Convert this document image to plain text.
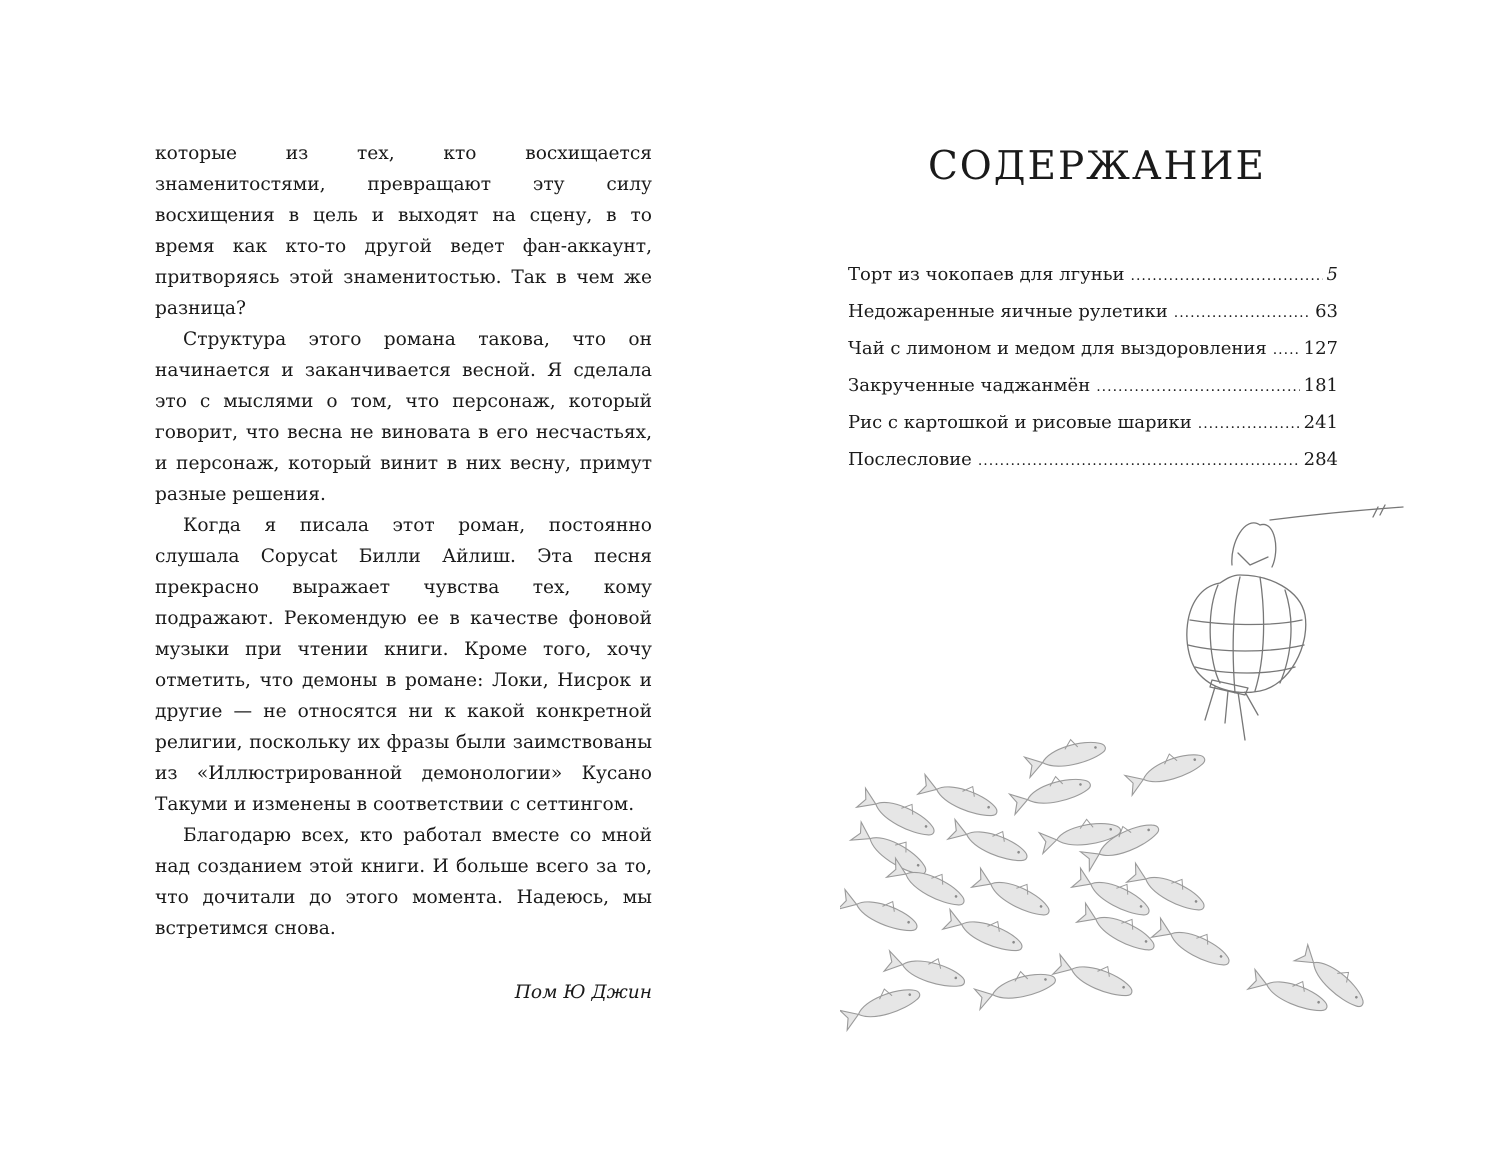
которые из тех, кто восхищается знаменитостями, превращают эту силу восхищения в цель и выходят на сцену, в то время как кто-то другой ведет фан-аккаунт, притворяясь этой знаменитостью. Так в чем же разница?

Структура этого романа такова, что он начинается и заканчивается весной. Я сделала это с мыслями о том, что персонаж, который говорит, что весна не виновата в его несчастьях, и персонаж, который винит в них весну, примут разные решения.

Когда я писала этот роман, постоянно слушала Copycat Билли Айлиш. Эта песня прекрасно выражает чувства тех, кому подражают. Рекомендую ее в качестве фоновой музыки при чтении книги. Кроме того, хочу отметить, что демоны в романе: Локи, Нисрок и другие — не относятся ни к какой конкретной религии, поскольку их фразы были заимствованы из «Иллюстрированной демонологии» Кусано Такуми и изменены в соответствии с сеттингом.

Благодарю всех, кто работал вместе со мной над созданием этой книги. И больше всего за то, что дочитали до этого момента. Надеюсь, мы встретимся снова.

Пом Ю Джин
СОДЕРЖАНИЕ
Торт из чокопаев для лгуньи .....	5
Недожаренные яичные рулетики .....	63
Чай с лимоном и медом для выздоровления ..... 127
Закрученные чаджанмён .....	181
Рис с картошкой и рисовые шарики .....	241
Послесловие .....	284
